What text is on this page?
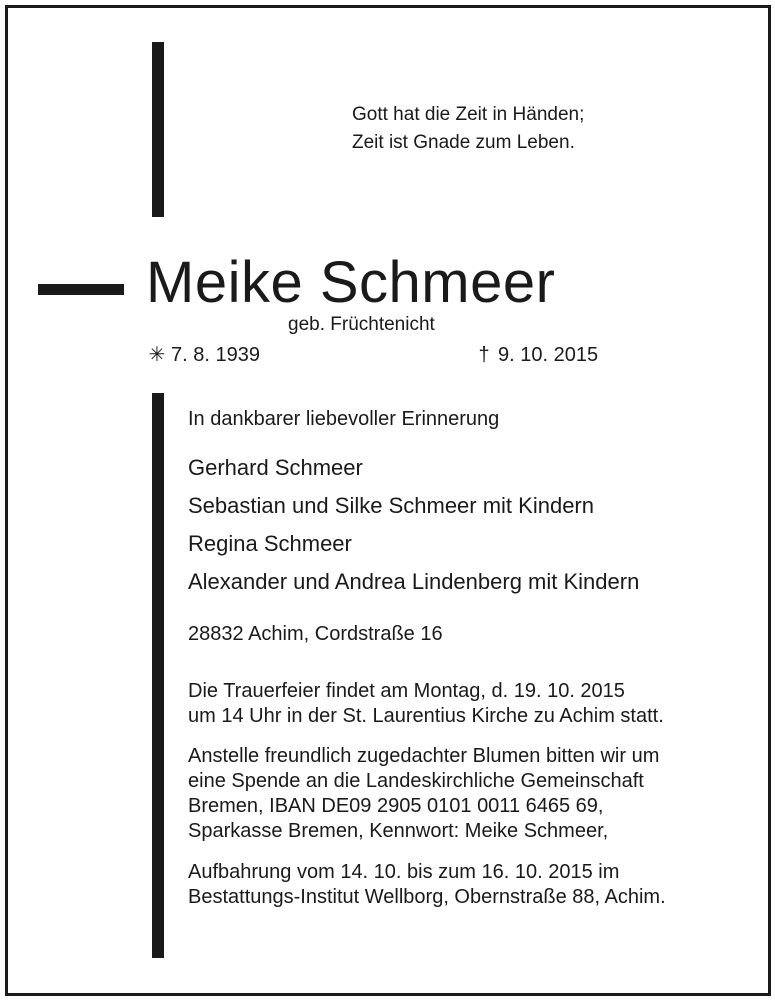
Gott hat die Zeit in Händen;
Zeit ist Gnade zum Leben.
Meike Schmeer
geb. Früchtenicht
✳ 7. 8. 1939	† 9. 10. 2015
In dankbarer liebevoller Erinnerung
Gerhard Schmeer
Sebastian und Silke Schmeer mit Kindern
Regina Schmeer
Alexander und Andrea Lindenberg mit Kindern
28832 Achim, Cordstraße 16
Die Trauerfeier findet am Montag, d. 19. 10. 2015
um 14 Uhr in der St. Laurentius Kirche zu Achim statt.
Anstelle freundlich zugedachter Blumen bitten wir um
eine Spende an die Landeskirchliche Gemeinschaft
Bremen, IBAN DE09 2905 0101 0011 6465 69,
Sparkasse Bremen, Kennwort: Meike Schmeer,
Aufbahrung vom 14. 10. bis zum 16. 10. 2015 im
Bestattungs-Institut Wellborg, Obernstraße 88, Achim.
